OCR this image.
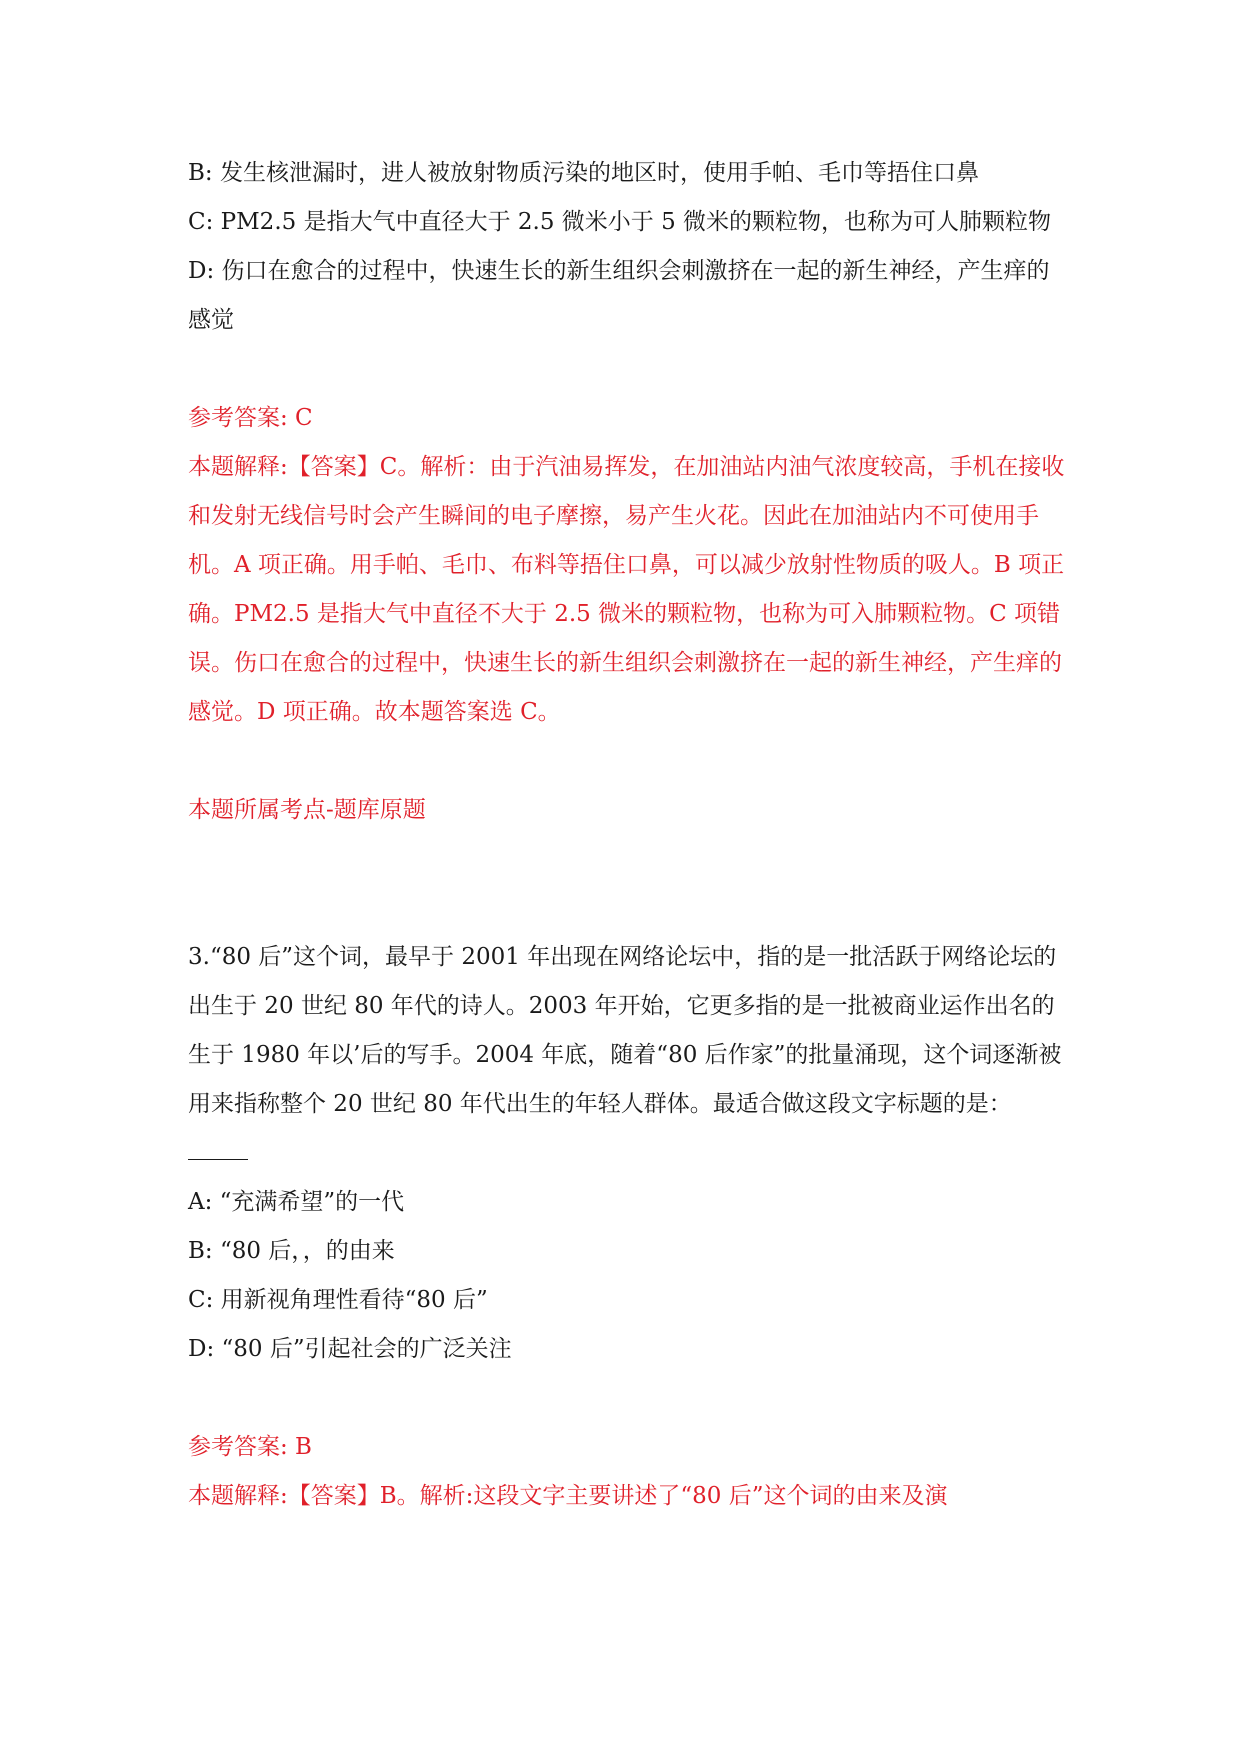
B: 发生核泄漏时，进人被放射物质污染的地区时，使用手帕、毛巾等捂住口鼻

C: PM2.5 是指大气中直径大于 2.5 微米小于 5 微米的颗粒物，也称为可人肺颗粒物

D: 伤口在愈合的过程中，快速生长的新生组织会刺激挤在一起的新生神经，产生痒的感觉

参考答案: C

本题解释:【答案】C。解析：由于汽油易挥发，在加油站内油气浓度较高，手机在接收和发射无线信号时会产生瞬间的电子摩擦，易产生火花。因此在加油站内不可使用手机。A 项正确。用手帕、毛巾、布料等捂住口鼻，可以减少放射性物质的吸人。B 项正确。PM2.5 是指大气中直径不大于 2.5 微米的颗粒物，也称为可入肺颗粒物。C 项错误。伤口在愈合的过程中，快速生长的新生组织会刺激挤在一起的新生神经，产生痒的感觉。D 项正确。故本题答案选 C。

本题所属考点-题库原题

3.“80 后”这个词，最早于 2001 年出现在网络论坛中，指的是一批活跃于网络论坛的出生于 20 世纪 80 年代的诗人。2003 年开始，它更多指的是一批被商业运作出名的生于 1980 年以’后的写手。2004 年底，随着“80 后作家”的批量涌现，这个词逐渐被用来指称整个 20 世纪 80 年代出生的年轻人群体。最适合做这段文字标题的是：

A: “充满希望”的一代

B: “80 后，，的由来

C: 用新视角理性看待“80 后”

D: “80 后”引起社会的广泛关注

参考答案: B

本题解释:【答案】B。解析:这段文字主要讲述了“80 后”这个词的由来及演
